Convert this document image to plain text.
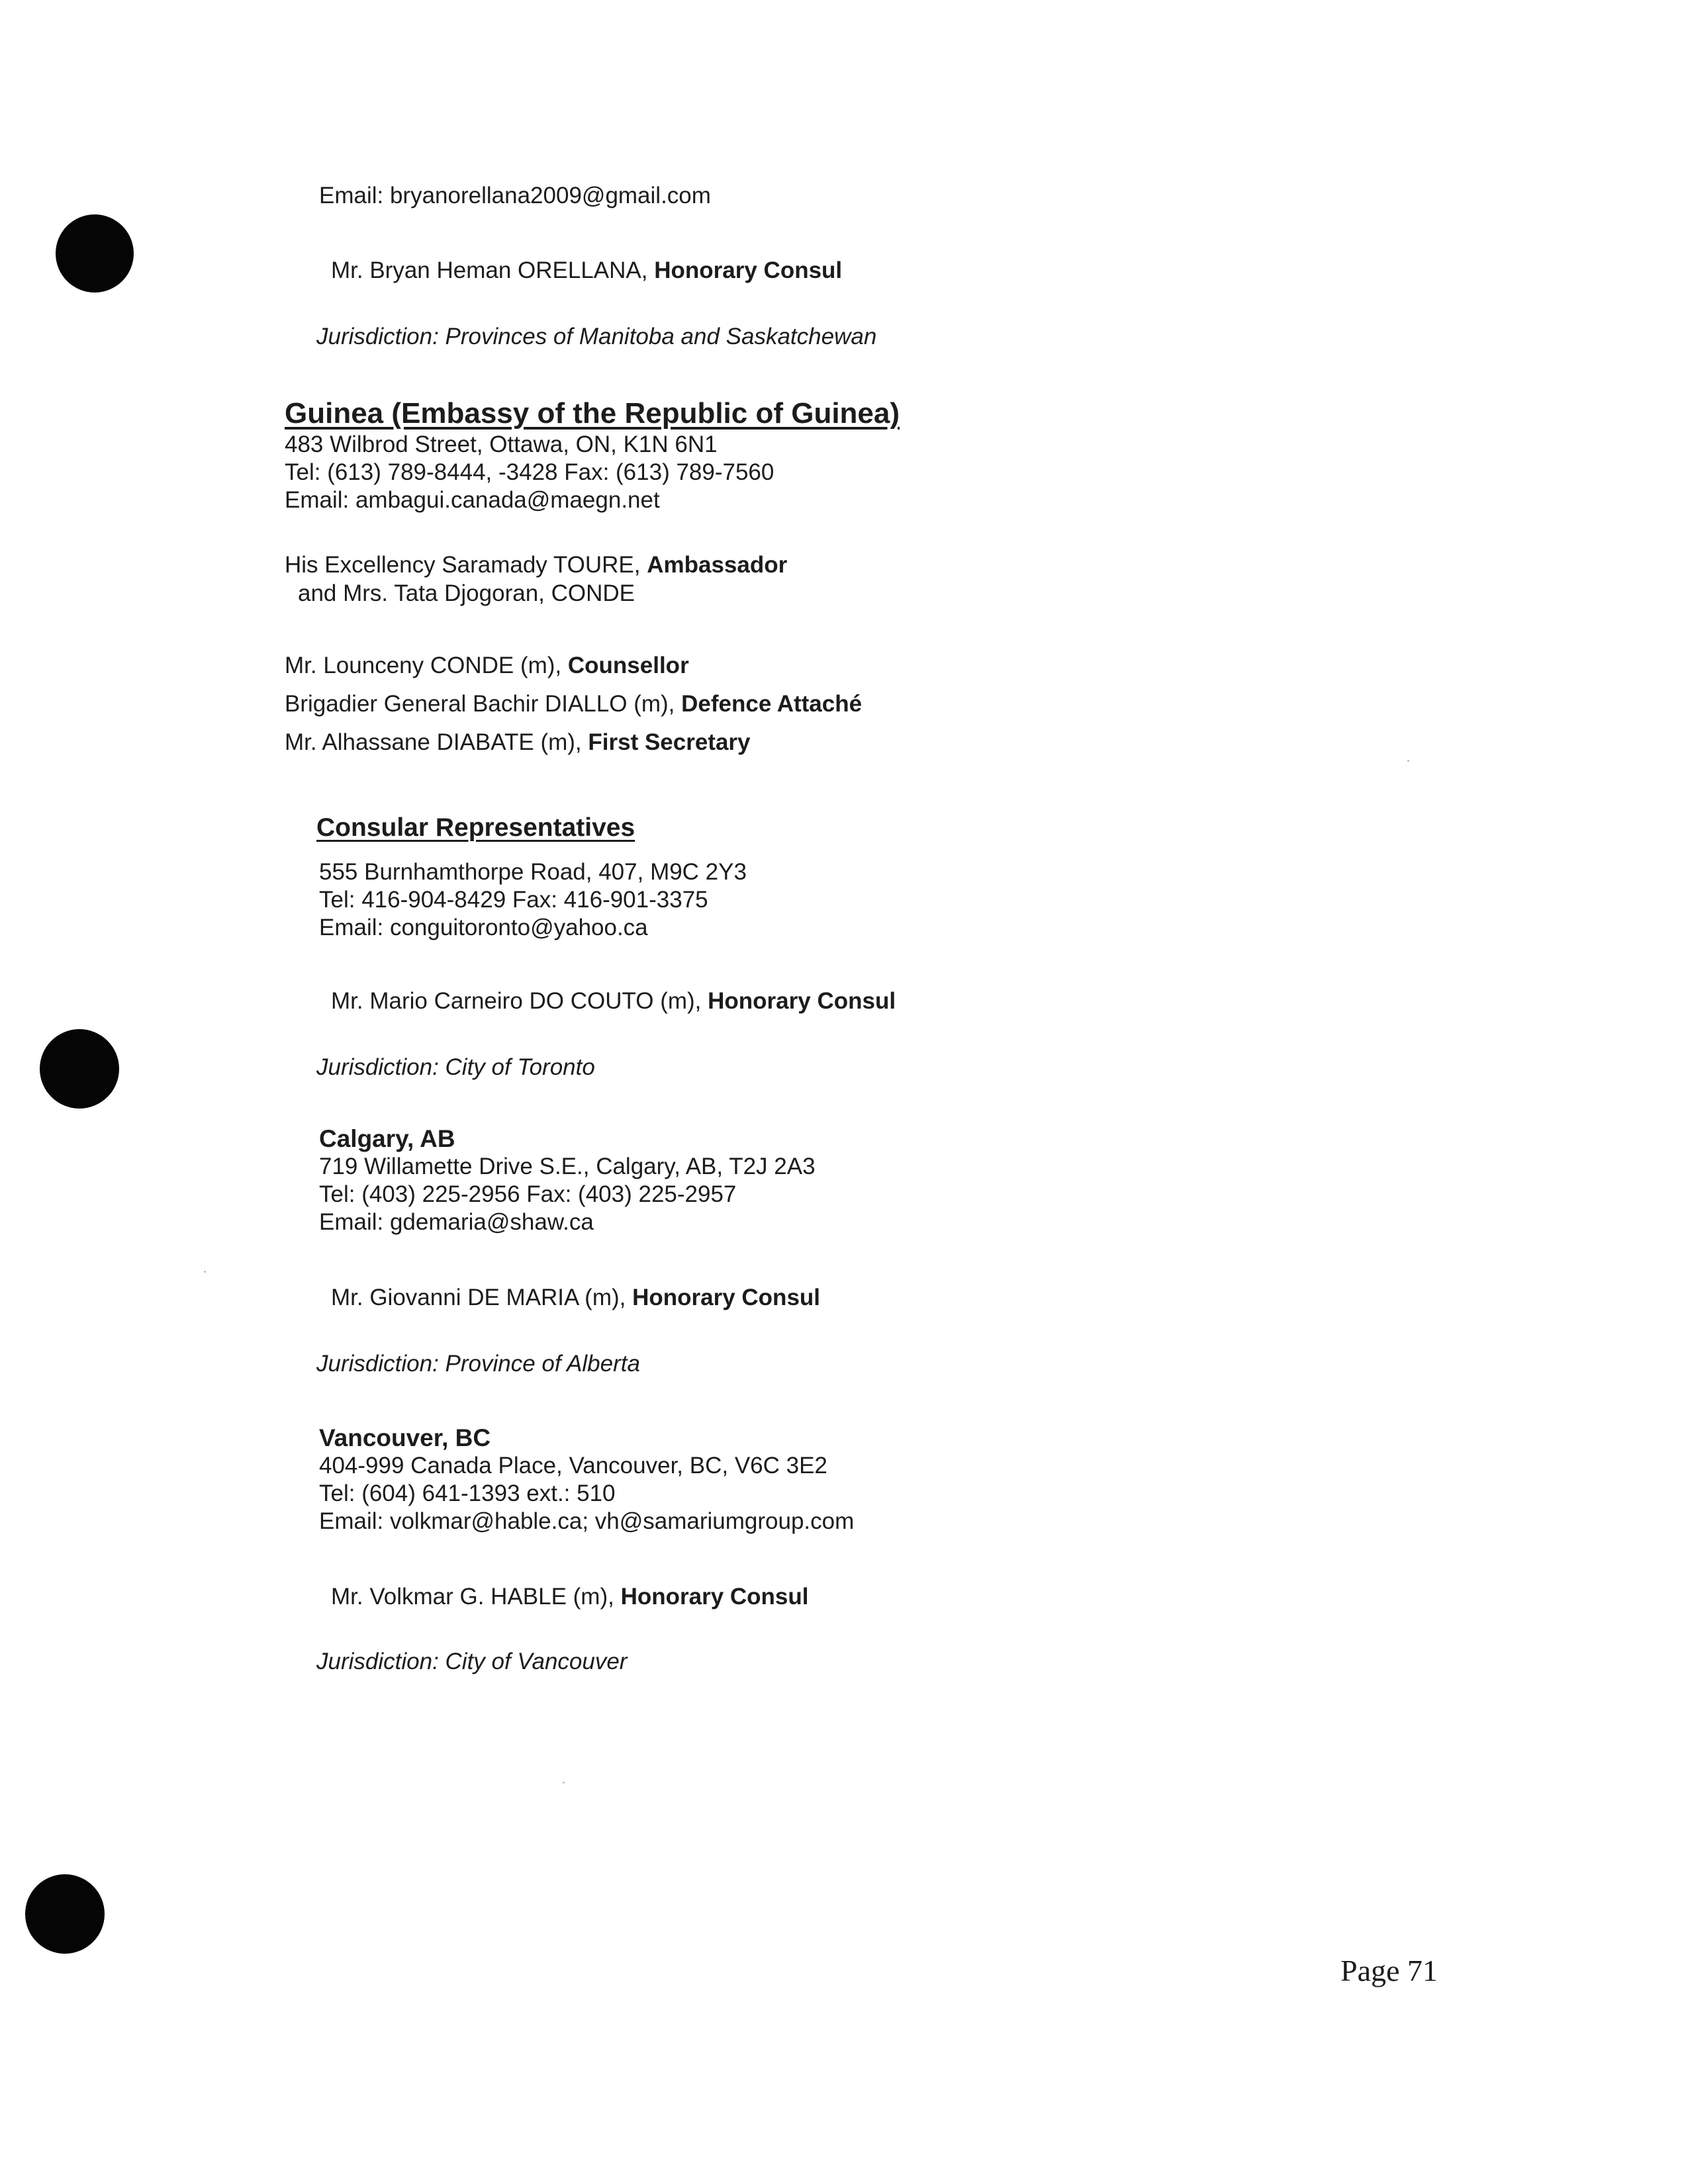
Email: bryanorellana2009@gmail.com
Mr. Bryan Heman ORELLANA, Honorary Consul
Jurisdiction: Provinces of Manitoba and Saskatchewan
Guinea (Embassy of the Republic of Guinea)
483 Wilbrod Street, Ottawa, ON, K1N 6N1
Tel: (613) 789-8444, -3428 Fax: (613) 789-7560
Email: ambagui.canada@maegn.net
His Excellency Saramady TOURE, Ambassador
and Mrs. Tata Djogoran, CONDE
Mr. Lounceny CONDE (m), Counsellor
Brigadier General Bachir DIALLO (m), Defence Attaché
Mr. Alhassane DIABATE (m), First Secretary
Consular Representatives
555 Burnhamthorpe Road, 407, M9C 2Y3
Tel: 416-904-8429 Fax: 416-901-3375
Email: conguitoronto@yahoo.ca
Mr. Mario Carneiro DO COUTO (m), Honorary Consul
Jurisdiction: City of Toronto
Calgary, AB
719 Willamette Drive S.E., Calgary, AB, T2J 2A3
Tel: (403) 225-2956 Fax: (403) 225-2957
Email: gdemaria@shaw.ca
Mr. Giovanni DE MARIA (m), Honorary Consul
Jurisdiction: Province of Alberta
Vancouver, BC
404-999 Canada Place, Vancouver, BC, V6C 3E2
Tel: (604) 641-1393 ext.: 510
Email: volkmar@hable.ca; vh@samariumgroup.com
Mr. Volkmar G. HABLE (m), Honorary Consul
Jurisdiction: City of Vancouver
Page 71
